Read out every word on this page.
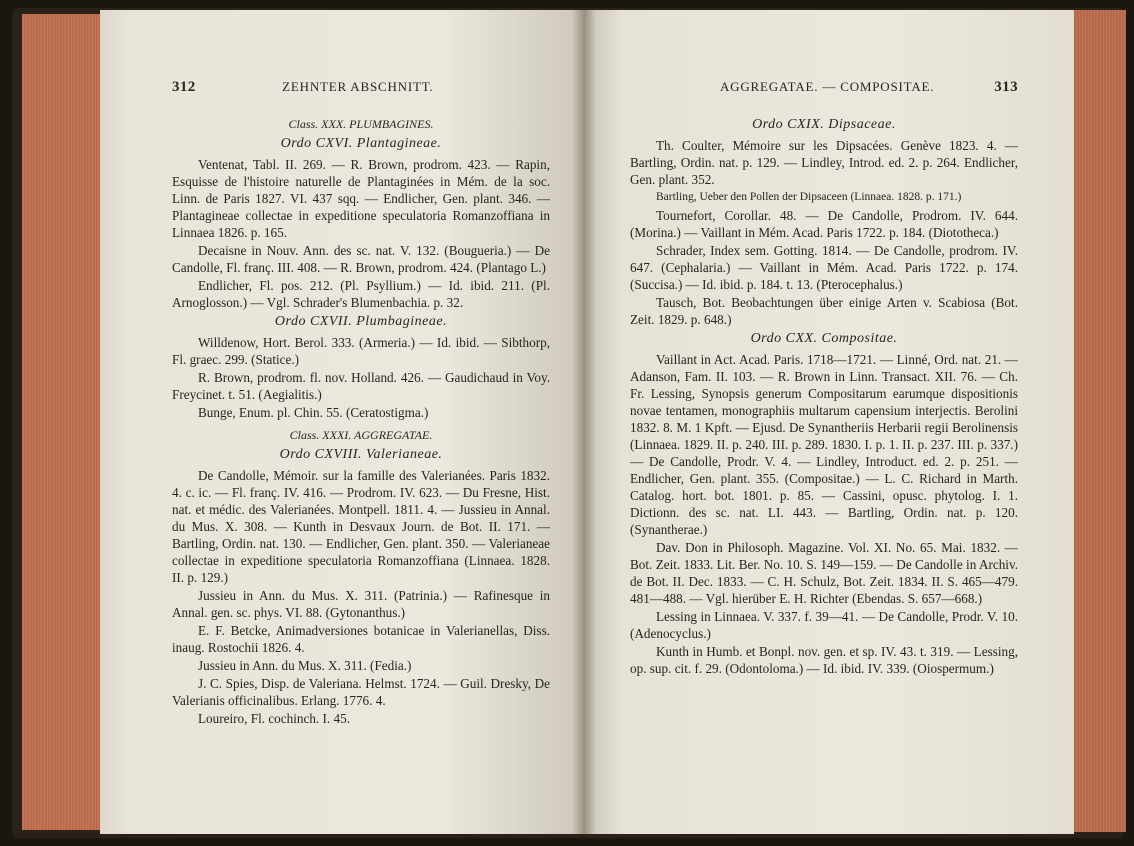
312	ZEHNTER ABSCHNITT.
Class. XXX. PLUMBAGINES.
Ordo CXVI. Plantagineae.

Ventenat, Tabl. II. 269. — R. Brown, prodrom. 423. — Rapin, Esquisse de l'histoire naturelle de Plantaginées in Mém. de la soc. Linn. de Paris 1827. VI. 437 sqq. — Endlicher, Gen. plant. 346. — Plantagineae collectae in expeditione speculatoria Romanzoffiana in Linnaea 1826. p. 165.

Decaisne in Nouv. Ann. des sc. nat. V. 132. (Bougueria.) — De Candolle, Fl. franç. III. 408. — R. Brown, prodrom. 424. (Plantago L.)

Endlicher, Fl. pos. 212. (Pl. Psyllium.) — Id. ibid. 211. (Pl. Arnoglosson.) — Vgl. Schrader's Blumenbachia. p. 32.

Ordo CXVII. Plumbagineae.

Willdenow, Hort. Berol. 333. (Armeria.) — Id. ibid. — Sibthorp, Fl. graec. 299. (Statice.)

R. Brown, prodrom. fl. nov. Holland. 426. — Gaudichaud in Voy. Freycinet. t. 51. (Aegialitis.)

Bunge, Enum. pl. Chin. 55. (Ceratostigma.)

Class. XXXI. AGGREGATAE.
Ordo CXVIII. Valerianeae.

De Candolle, Mémoir. sur la famille des Valerianées. Paris 1832. 4. c. ic. — Fl. franç. IV. 416. — Prodrom. IV. 623. — Du Fresne, Hist. nat. et médic. des Valerianées. Montpell. 1811. 4. — Jussieu in Annal. du Mus. X. 308. — Kunth in Desvaux Journ. de Bot. II. 171. — Bartling, Ordin. nat. 130. — Endlicher, Gen. plant. 350. — Valerianeae collectae in expeditione speculatoria Romanzoffiana (Linnaea. 1828. II. p. 129.)

Jussieu in Ann. du Mus. X. 311. (Patrinia.) — Rafinesque in Annal. gen. sc. phys. VI. 88. (Gytonanthus.)

E. F. Betcke, Animadversiones botanicae in Valerianellas, Diss. inaug. Rostochii 1826. 4.

Jussieu in Ann. du Mus. X. 311. (Fedia.)

J. C. Spies, Disp. de Valeriana. Helmst. 1724. — Guil. Dresky, De Valerianis officinalibus. Erlang. 1776. 4.

Loureiro, Fl. cochinch. I. 45.

AGGREGATAE. — COMPOSITAE.	313
Ordo CXIX. Dipsaceae.

Th. Coulter, Mémoire sur les Dipsacées. Genève 1823. 4. — Bartling, Ordin. nat. p. 129. — Lindley, Introd. ed. 2. p. 264. Endlicher, Gen. plant. 352.

Bartling, Ueber den Pollen der Dipsaceen (Linnaea. 1828. p. 171.)

Tournefort, Corollar. 48. — De Candolle, Prodrom. IV. 644. (Morina.) — Vaillant in Mém. Acad. Paris 1722. p. 184. (Diototheca.)

Schrader, Index sem. Gotting. 1814. — De Candolle, prodrom. IV. 647. (Cephalaria.) — Vaillant in Mém. Acad. Paris 1722. p. 174. (Succisa.) — Id. ibid. p. 184. t. 13. (Pterocephalus.)

Tausch, Bot. Beobachtungen über einige Arten v. Scabiosa (Bot. Zeit. 1829. p. 648.)

Ordo CXX. Compositae.

Vaillant in Act. Acad. Paris. 1718—1721. — Linné, Ord. nat. 21. — Adanson, Fam. II. 103. — R. Brown in Linn. Transact. XII. 76. — Ch. Fr. Lessing, Synopsis generum Compositarum earumque dispositionis novae tentamen, monographiis multarum capensium interjectis. Berolini 1832. 8. M. 1 Kpft. — Ejusd. De Synantheriis Herbarii regii Berolinensis (Linnaea. 1829. II. p. 240. III. p. 289. 1830. I. p. 1. II. p. 237. III. p. 337.) — De Candolle, Prodr. V. 4. — Lindley, Introduct. ed. 2. p. 251. — Endlicher, Gen. plant. 355. (Compositae.) — L. C. Richard in Marth. Catalog. hort. bot. 1801. p. 85. — Cassini, opusc. phytolog. I. 1. Dictionn. des sc. nat. LI. 443. — Bartling, Ordin. nat. p. 120. (Synantherae.)

Dav. Don in Philosoph. Magazine. Vol. XI. No. 65. Mai. 1832. — Bot. Zeit. 1833. Lit. Ber. No. 10. S. 149—159. — De Candolle in Archiv. de Bot. II. Dec. 1833. — C. H. Schulz, Bot. Zeit. 1834. II. S. 465—479. 481—488. — Vgl. hierüber E. H. Richter (Ebendas. S. 657—668.)

Lessing in Linnaea. V. 337. f. 39—41. — De Candolle, Prodr. V. 10. (Adenocyclus.)

Kunth in Humb. et Bonpl. nov. gen. et sp. IV. 43. t. 319. — Lessing, op. sup. cit. f. 29. (Odontoloma.) — Id. ibid. IV. 339. (Oiospermum.)
